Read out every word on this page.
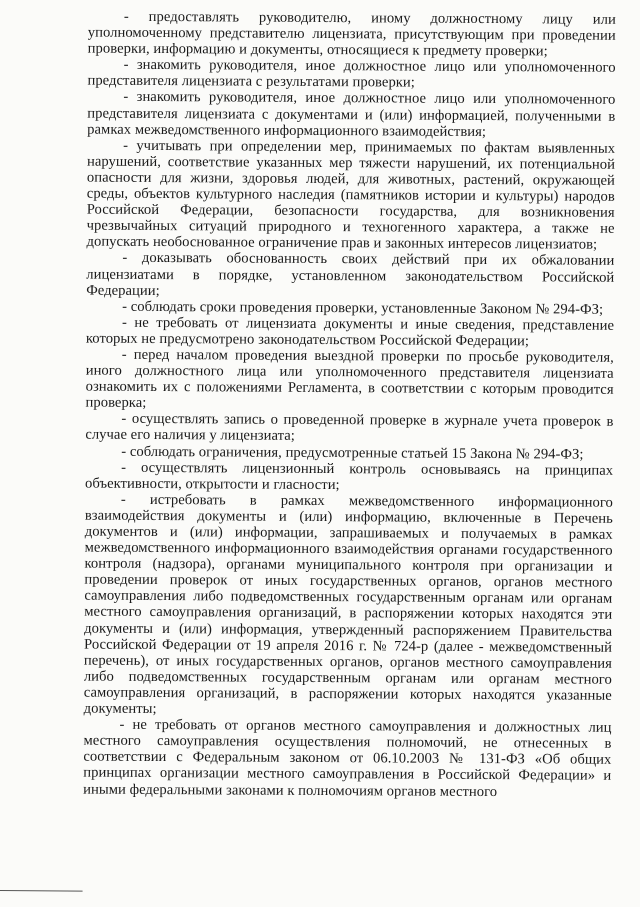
- предоставлять руководителю, иному должностному лицу или уполномоченному представителю лицензиата, присутствующим при проведении проверки, информацию и документы, относящиеся к предмету проверки;

- знакомить руководителя, иное должностное лицо или уполномоченного представителя лицензиата с результатами проверки;

- знакомить руководителя, иное должностное лицо или уполномоченного представителя лицензиата с документами и (или) информацией, полученными в рамках межведомственного информационного взаимодействия;

- учитывать при определении мер, принимаемых по фактам выявленных нарушений, соответствие указанных мер тяжести нарушений, их потенциальной опасности для жизни, здоровья людей, для животных, растений, окружающей среды, объектов культурного наследия (памятников истории и культуры) народов Российской Федерации, безопасности государства, для возникновения чрезвычайных ситуаций природного и техногенного характера, а также не допускать необоснованное ограничение прав и законных интересов лицензиатов;

- доказывать обоснованность своих действий при их обжаловании лицензиатами в порядке, установленном законодательством Российской Федерации;

- соблюдать сроки проведения проверки, установленные Законом № 294-ФЗ;

- не требовать от лицензиата документы и иные сведения, представление которых не предусмотрено законодательством Российской Федерации;

- перед началом проведения выездной проверки по просьбе руководителя, иного должностного лица или уполномоченного представителя лицензиата ознакомить их с положениями Регламента, в соответствии с которым проводится проверка;

- осуществлять запись о проведенной проверке в журнале учета проверок в случае его наличия у лицензиата;

- соблюдать ограничения, предусмотренные статьей 15 Закона № 294-ФЗ;

- осуществлять лицензионный контроль основываясь на принципах объективности, открытости и гласности;

- истребовать в рамках межведомственного информационного взаимодействия документы и (или) информацию, включенные в Перечень документов и (или) информации, запрашиваемых и получаемых в рамках межведомственного информационного взаимодействия органами государственного контроля (надзора), органами муниципального контроля при организации и проведении проверок от иных государственных органов, органов местного самоуправления либо подведомственных государственным органам или органам местного самоуправления организаций, в распоряжении которых находятся эти документы и (или) информация, утвержденный распоряжением Правительства Российской Федерации от 19 апреля 2016 г. № 724-р (далее - межведомственный перечень), от иных государственных органов, органов местного самоуправления либо подведомственных государственным органам или органам местного самоуправления организаций, в распоряжении которых находятся указанные документы;

- не требовать от органов местного самоуправления и должностных лиц местного самоуправления осуществления полномочий, не отнесенных в соответствии с Федеральным законом от 06.10.2003 № 131-ФЗ «Об общих принципах организации местного самоуправления в Российской Федерации» и иными федеральными законами к полномочиям органов местного
